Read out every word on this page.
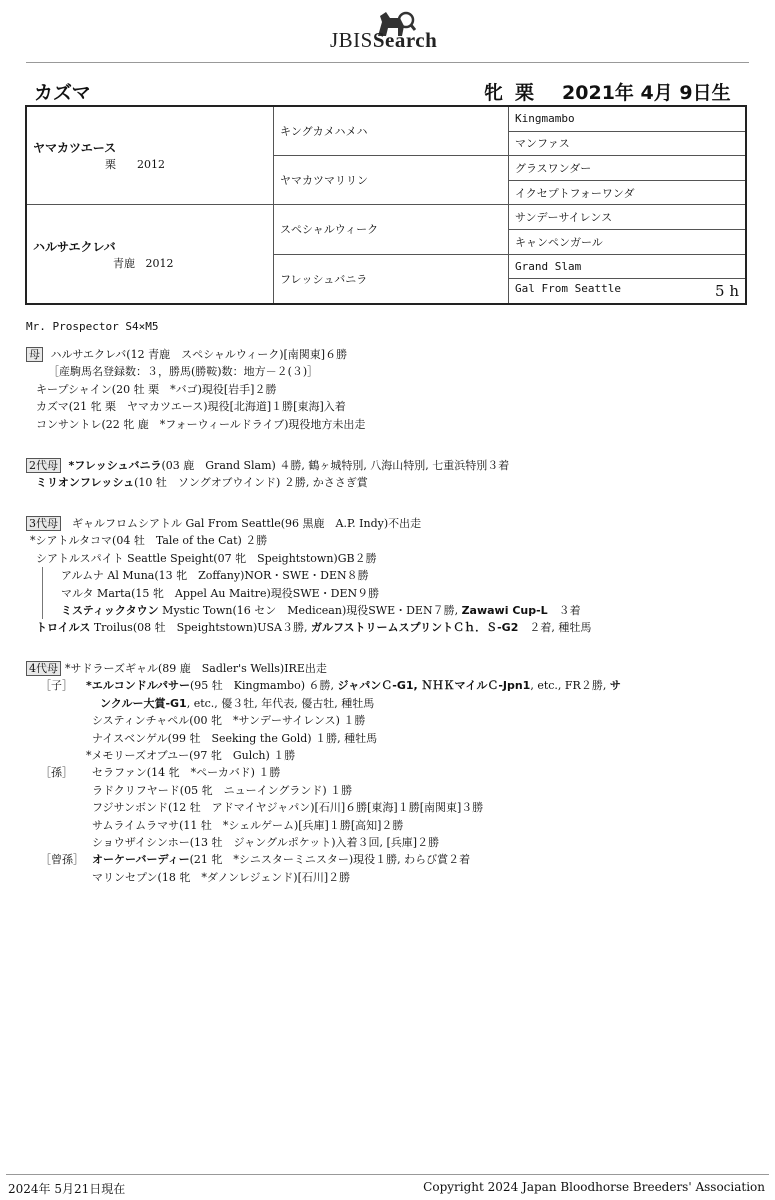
JBISSearch
カズマ	牝 栗 2021年 4月 9日生
ヤマカツエース
栗 2012	キングカメハメハ	Kingmambo
		マンファス
	ヤマカツマリリン	グラスワンダー
		イクセプトフォーワンダ

ハルサエクレバ
青鹿 2012	スペシャルウィーク	サンデーサイレンス
		キャンペンガール
	フレッシュバニラ	Grand Slam
		Gal From Seattle 5 h
Mr. Prospector S4×M5
母 ハルサエクレバ(12 青鹿　スペシャルウィーク)[南関東]６勝
［産駒馬名登録数：３，勝馬(勝鞍)数：地方－２(３)］
キープシャイン(20 牡 栗　*バゴ)現役[岩手]２勝
カズマ(21 牝 栗　ヤマカツエース)現役[北海道]１勝[東海]入着
コンサントレ(22 牝 鹿　*フォーウィールドライブ)現役地方未出走
2代母 *フレッシュバニラ(03 鹿　Grand Slam) ４勝, 鶴ヶ城特別, 八海山特別, 七重浜特別３着
ミリオンフレッシュ(10 牡　ソングオブウインド) ２勝, かささぎ賞
3代母 ギャルフロムシアトル Gal From Seattle(96 黒鹿　A.P. Indy)不出走
*シアトルタコマ(04 牡　Tale of the Cat) ２勝
シアトルスパイト Seattle Speight(07 牝　Speightstown)GB２勝
アルムナ Al Muna(13 牝　Zoffany)NOR・SWE・DEN８勝
マルタ Marta(15 牝　Appel Au Maitre)現役SWE・DEN９勝
ミスティックタウン Mystic Town(16 セン　Medicean)現役SWE・DEN７勝, Zawawi Cup-L　３着
トロイルス Troilus(08 牡　Speightstown)USA３勝, ガルフストリームスプリントＣｈ．Ｓ-G2　２着, 種牡馬
4代母 *サドラーズギャル(89 鹿　Sadler's Wells)IRE出走
［子］ *エルコンドルパサー(95 牡　Kingmambo) ６勝, ジャパンＣ-G1, ＮＨＫマイルＣ-Jpn1, etc., FR２勝, サ
ンクルー大賞-G1, etc., 優３牡, 年代表, 優古牡, 種牡馬
システィンチャペル(00 牝　*サンデーサイレンス) １勝
ナイスベンゲル(99 牡　Seeking the Gold) １勝, 種牡馬
*メモリーズオブユー(97 牝　Gulch) １勝
［孫］ セラファン(14 牝　*ペーカバド) １勝
ラドクリフヤード(05 牝　ニューイングランド) １勝
フジサンボンド(12 牡　アドマイヤジャパン)[石川]６勝[東海]１勝[南関東]３勝
サムライムラマサ(11 牡　*シェルゲーム)[兵庫]１勝[高知]２勝
ショウザイシンホー(13 牡　ジャングルポケット)入着３回, [兵庫]２勝
［曾孫］ オーケーバーディー(21 牝　*シニスターミニスター)現役１勝, わらび賞２着
マリンセプン(18 牝　*ダノンレジェンド)[石川]２勝
2024年 5月21日現在	Copyright 2024 Japan Bloodhorse Breeders' Association
